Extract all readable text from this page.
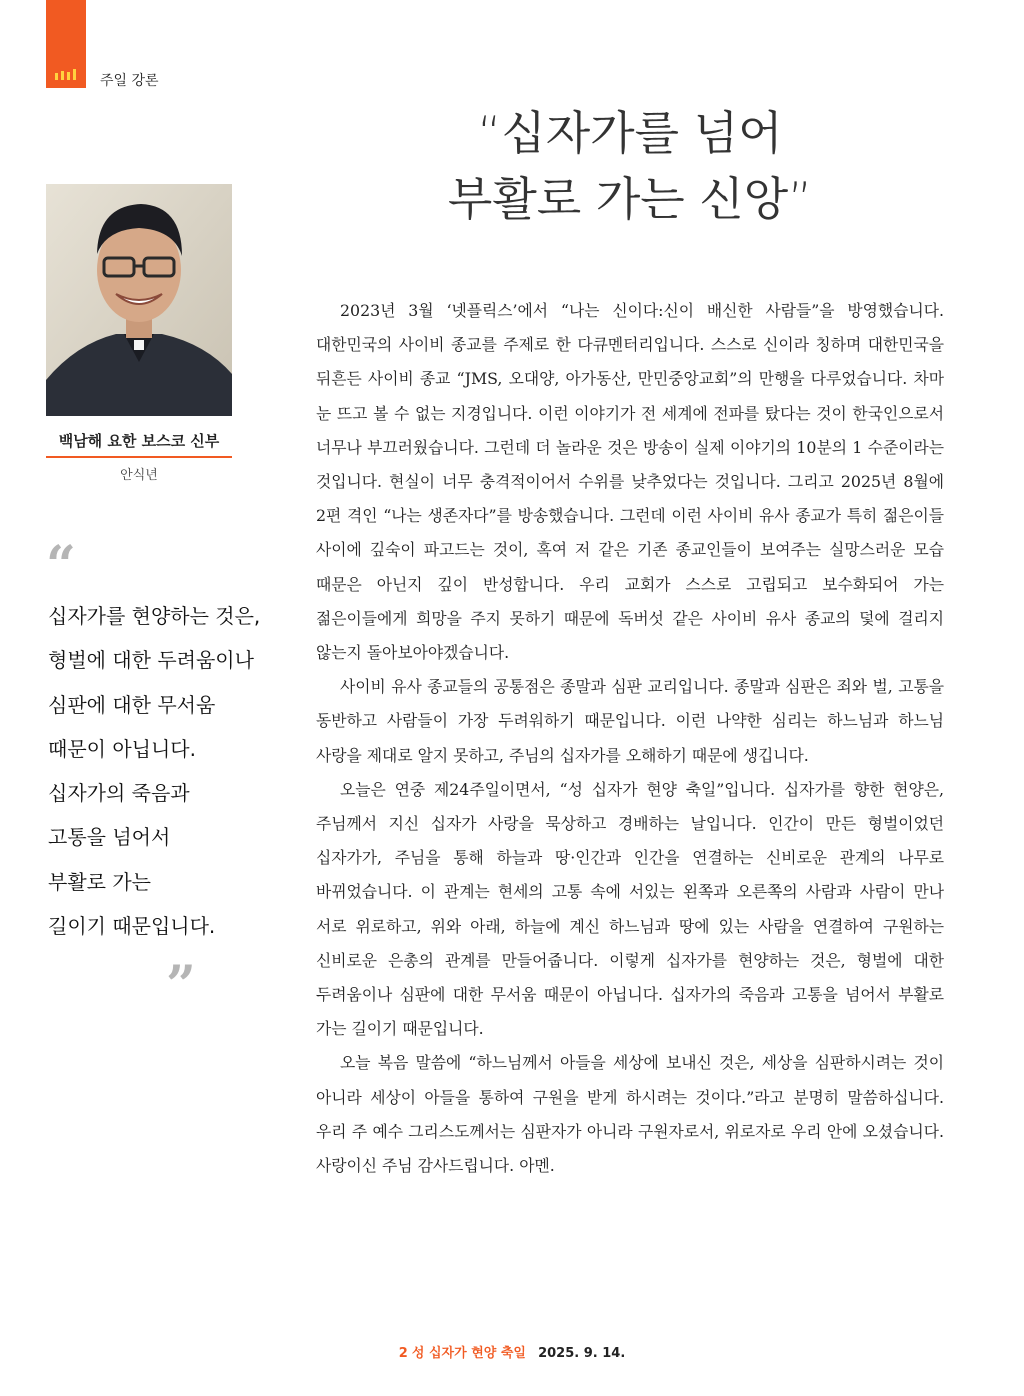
주일 강론
“십자가를 넘어
부활로 가는 신앙”
백남해 요한 보스코 신부
안식년
“
십자가를 현양하는 것은,
형벌에 대한 두려움이나
심판에 대한 무서움
때문이 아닙니다.
십자가의 죽음과
고통을 넘어서
부활로 가는
길이기 때문입니다.
”

2023년 3월 ‘넷플릭스’에서 “나는 신이다:신이 배신한 사람들”을 방영했습니다. 대한민국의 사이비 종교를 주제로 한 다큐멘터리입니다. 스스로 신이라 칭하며 대한민국을 뒤흔든 사이비 종교 “JMS, 오대양, 아가동산, 만민중앙교회”의 만행을 다루었습니다. 차마 눈 뜨고 볼 수 없는 지경입니다. 이런 이야기가 전 세계에 전파를 탔다는 것이 한국인으로서 너무나 부끄러웠습니다. 그런데 더 놀라운 것은 방송이 실제 이야기의 10분의 1 수준이라는 것입니다. 현실이 너무 충격적이어서 수위를 낮추었다는 것입니다. 그리고 2025년 8월에 2편 격인 “나는 생존자다”를 방송했습니다. 그런데 이런 사이비 유사 종교가 특히 젊은이들 사이에 깊숙이 파고드는 것이, 혹여 저 같은 기존 종교인들이 보여주는 실망스러운 모습 때문은 아닌지 깊이 반성합니다. 우리 교회가 스스로 고립되고 보수화되어 가는 젊은이들에게 희망을 주지 못하기 때문에 독버섯 같은 사이비 유사 종교의 덫에 걸리지 않는지 돌아보아야겠습니다.

사이비 유사 종교들의 공통점은 종말과 심판 교리입니다. 종말과 심판은 죄와 벌, 고통을 동반하고 사람들이 가장 두려워하기 때문입니다. 이런 나약한 심리는 하느님과 하느님 사랑을 제대로 알지 못하고, 주님의 십자가를 오해하기 때문에 생깁니다.

오늘은 연중 제24주일이면서, “성 십자가 현양 축일”입니다. 십자가를 향한 현양은, 주님께서 지신 십자가 사랑을 묵상하고 경배하는 날입니다. 인간이 만든 형벌이었던 십자가가, 주님을 통해 하늘과 땅·인간과 인간을 연결하는 신비로운 관계의 나무로 바뀌었습니다. 이 관계는 현세의 고통 속에 서있는 왼쪽과 오른쪽의 사람과 사람이 만나 서로 위로하고, 위와 아래, 하늘에 계신 하느님과 땅에 있는 사람을 연결하여 구원하는 신비로운 은총의 관계를 만들어줍니다. 이렇게 십자가를 현양하는 것은, 형벌에 대한 두려움이나 심판에 대한 무서움 때문이 아닙니다. 십자가의 죽음과 고통을 넘어서 부활로 가는 길이기 때문입니다.

오늘 복음 말씀에 “하느님께서 아들을 세상에 보내신 것은, 세상을 심판하시려는 것이 아니라 세상이 아들을 통하여 구원을 받게 하시려는 것이다.”라고 분명히 말씀하십니다. 우리 주 예수 그리스도께서는 심판자가 아니라 구원자로서, 위로자로 우리 안에 오셨습니다. 사랑이신 주님 감사드립니다. 아멘.

2 성 십자가 현양 축일 2025. 9. 14.
